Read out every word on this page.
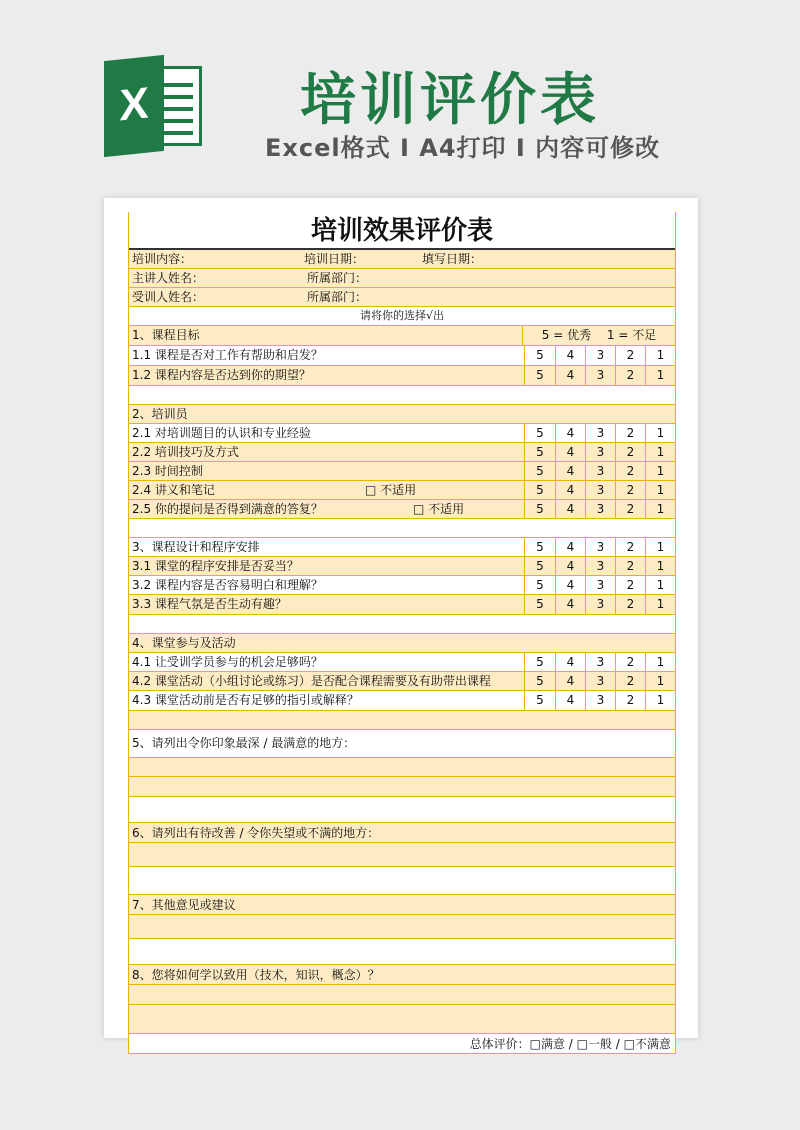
X	培训评价表
Excel格式 I A4打印 I 内容可修改
培训效果评价表
培训内容：	培训日期：	填写日期：
主讲人姓名：	所属部门：
受训人姓名：	所属部门：
请将你的选择√出
1、课程目标	5 = 优秀　 1 = 不足
1.1 课程是否对工作有帮助和启发？	5	4	3	2	1
1.2 课程内容是否达到你的期望？	5	4	3	2	1
2、培训员
2.1 对培训题目的认识和专业经验	5	4	3	2	1
2.2 培训技巧及方式	5	4	3	2	1
2.3 时间控制	5	4	3	2	1
2.4 讲义和笔记	□ 不适用	5	4	3	2	1
2.5 你的提问是否得到满意的答复？	□ 不适用	5	4	3	2	1
3、课程设计和程序安排	5	4	3	2	1
3.1 课堂的程序安排是否妥当？	5	4	3	2	1
3.2 课程内容是否容易明白和理解？	5	4	3	2	1
3.3 课程气氛是否生动有趣？	5	4	3	2	1
4、课堂参与及活动
4.1 让受训学员参与的机会足够吗？	5	4	3	2	1
4.2 课堂活动（小组讨论或练习）是否配合课程需要及有助带出课程	5	4	3	2	1
4.3 课堂活动前是否有足够的指引或解释？	5	4	3	2	1
5、请列出令你印象最深 / 最满意的地方：
6、请列出有待改善 / 令你失望或不满的地方：
7、其他意见或建议
8、您将如何学以致用（技术，知识，概念）？
总体评价：□满意 / □一般 / □不满意
